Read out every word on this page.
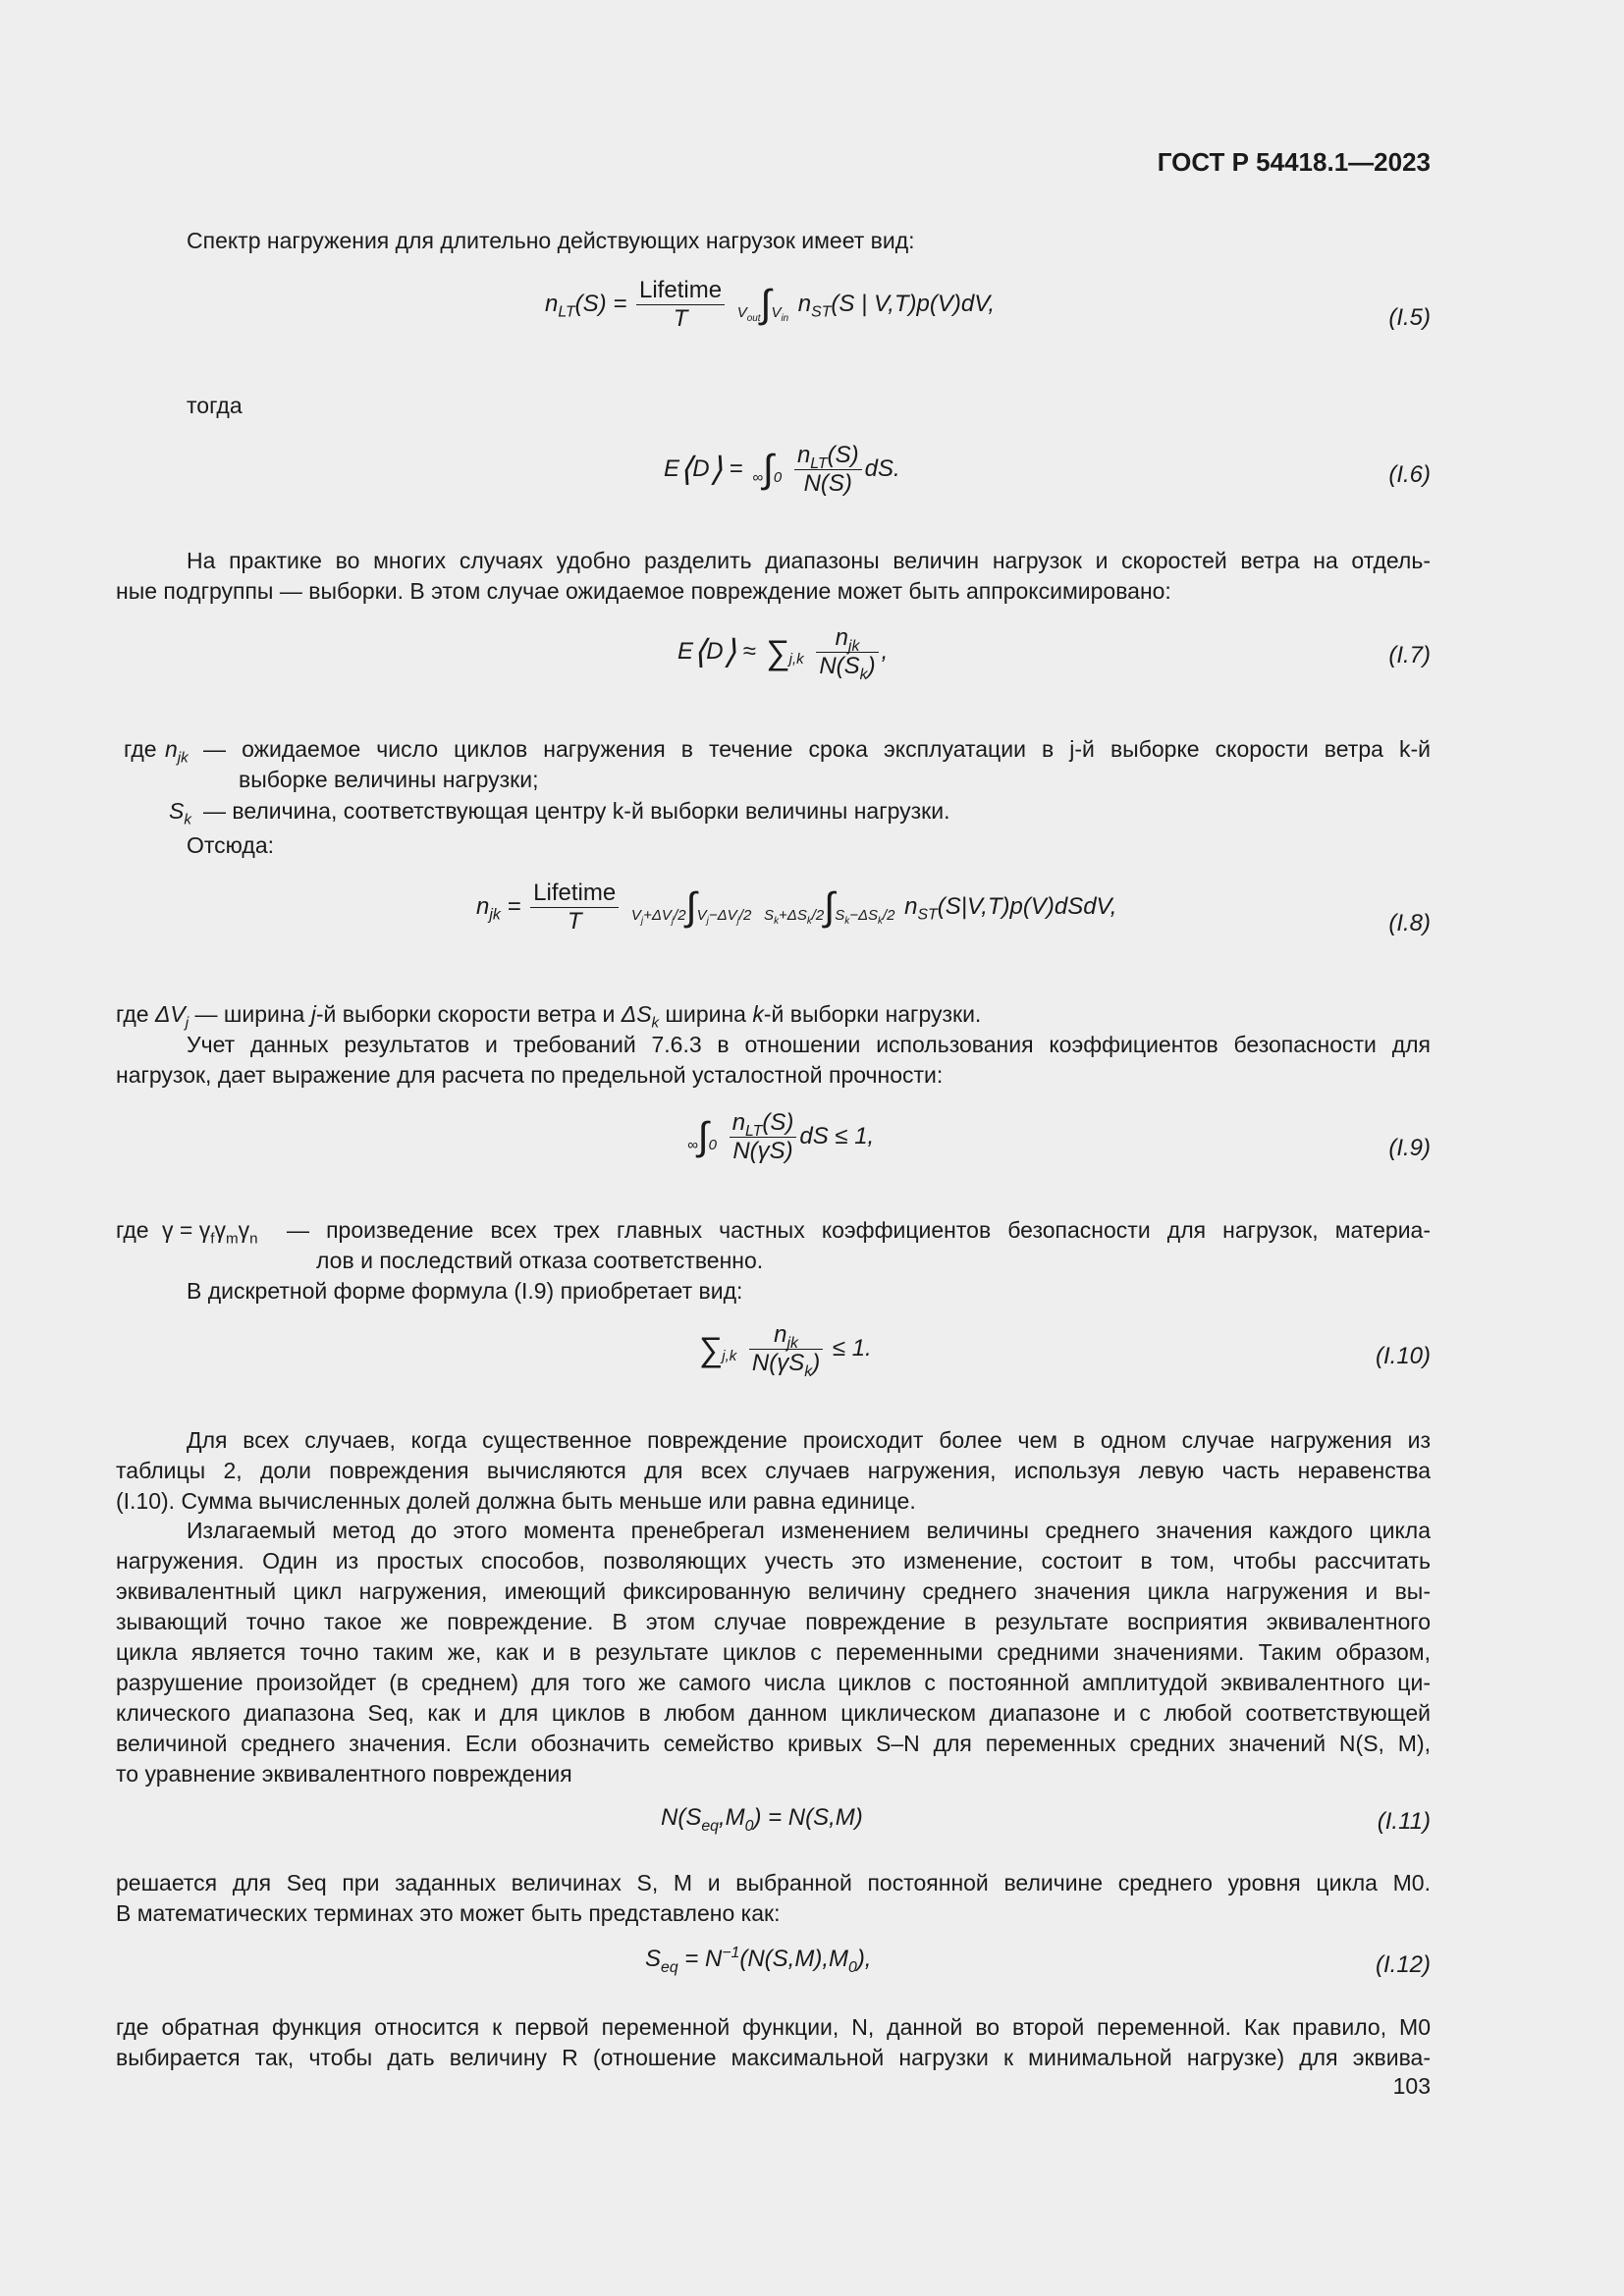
ГОСТ Р 54418.1—2023
Спектр нагружения для длительно действующих нагрузок имеет вид:
$n_{LT}(S) = \frac{\text{Lifetime}}{T} V_{out}\int V_{in}$ $n_{ST}(S$ | V,T)p(V)dV,
(I.5)
тогда
E⟨D⟩ = $\infty\int 0 \frac{n_{LT}(S)}{N(S)}$ dS.	(I.6)
На практике во многих случаях удобно разделить диапазоны величин нагрузок и скоростей ветра на отдель-
ные подгруппы — выборки. В этом случае ожидаемое повреждение может быть аппроксимировано:
E⟨D⟩ ≈ $\sum j,k \frac{n_{jk}}{N(S_k)}$ ,	(I.7)
где $n_{jk}$ — ожидаемое число циклов нагружения в течение срока эксплуатации в j-й выборке скорости ветра k-й
выборке величины нагрузки;
$S_k$ — величина, соответствующая центру k-й выборки величины нагрузки.
Отсюда:
$n_{jk} = \frac{\text{Lifetime}}{T} V_j+\Delta V_j/2\int V_j-\Delta V_j/2$ $S_k+\Delta S_k/2\int S_k-\Delta S_k/2$ $n_{ST}(S|V,T)p(V)dSdV$,
(I.8)
где $\Delta V_j$ — ширина j-й выборки скорости ветра и $\Delta S_k$ ширина k-й выборки нагрузки.
Учет данных результатов и требований 7.6.3 в отношении использования коэффициентов безопасности для
нагрузок, дает выражение для расчета по предельной усталостной прочности:
$\infty\int 0 \frac{n_{LT}(S)}{N(\gamma S)}$ dS ≤ 1,	(I.9)
где $\gamma = \gamma_f\gamma_m\gamma_n$ — произведение всех трех главных частных коэффициентов безопасности для нагрузок, материа-
лов и последствий отказа соответственно.
В дискретной форме формула (I.9) приобретает вид:
$\sum j,k \frac{n_{jk}}{N(\gamma S_k)} \le 1$.	(I.10)
Для всех случаев, когда существенное повреждение происходит более чем в одном случае нагружения из
таблицы 2, доли повреждения вычисляются для всех случаев нагружения, используя левую часть неравенства
(I.10). Сумма вычисленных долей должна быть меньше или равна единице.
Излагаемый метод до этого момента пренебрегал изменением величины среднего значения каждого цикла
нагружения. Один из простых способов, позволяющих учесть это изменение, состоит в том, чтобы рассчитать
эквивалентный цикл нагружения, имеющий фиксированную величину среднего значения цикла нагружения и вы-
зывающий точно такое же повреждение. В этом случае повреждение в результате восприятия эквивалентного
цикла является точно таким же, как и в результате циклов с переменными средними значениями. Таким образом,
разрушение произойдет (в среднем) для того же самого числа циклов с постоянной амплитудой эквивалентного ци-
клического диапазона Seq, как и для циклов в любом данном циклическом диапазоне и с любой соответствующей
величиной среднего значения. Если обозначить семейство кривых S–N для переменных средних значений N(S, M),
то уравнение эквивалентного повреждения
$N(S_{eq},M_0) = N(S,M)$	(I.11)
решается для Seq при заданных величинах S, M и выбранной постоянной величине среднего уровня цикла M0.
В математических терминах это может быть представлено как:
$S_{eq} = N^{-1}(N(S,M),M_0)$,	(I.12)
где обратная функция относится к первой переменной функции, N, данной во второй переменной. Как правило, M0
выбирается так, чтобы дать величину R (отношение максимальной нагрузки к минимальной нагрузке) для эквива-
103
